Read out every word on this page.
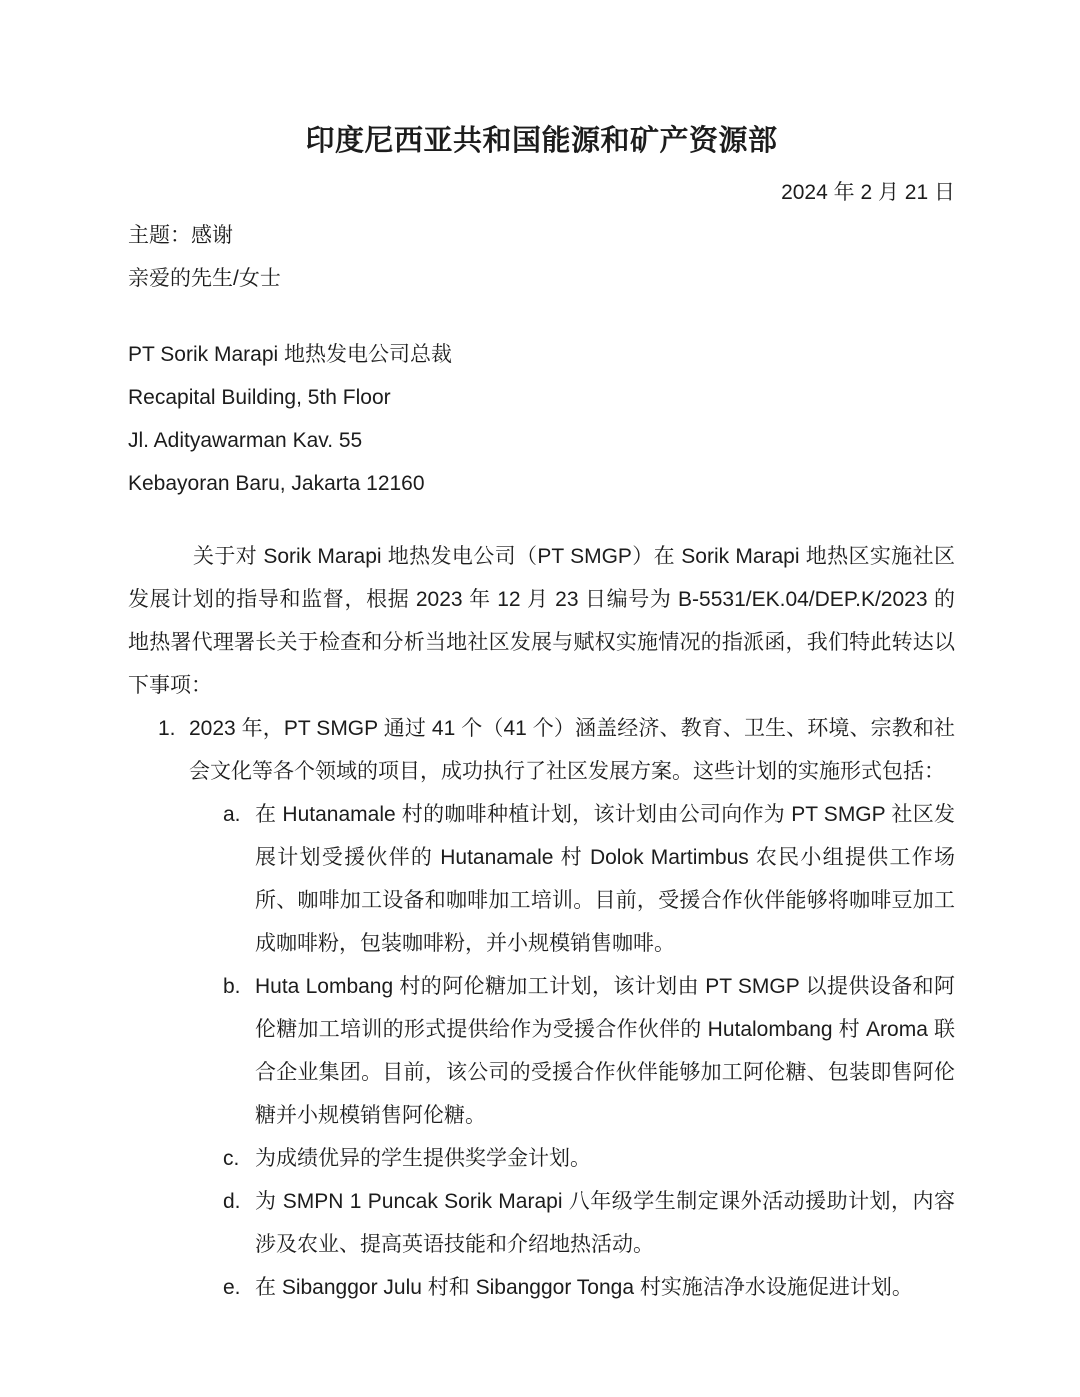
印度尼西亚共和国能源和矿产资源部
2024 年 2 月 21 日
主题：感谢
亲爱的先生/女士
PT Sorik Marapi 地热发电公司总裁
Recapital Building, 5th Floor
Jl. Adityawarman Kav. 55
Kebayoran Baru, Jakarta 12160
关于对 Sorik Marapi 地热发电公司（PT SMGP）在 Sorik Marapi 地热区实施社区发展计划的指导和监督，根据 2023 年 12 月 23 日编号为 B-5531/EK.04/DEP.K/2023 的地热署代理署长关于检查和分析当地社区发展与赋权实施情况的指派函，我们特此转达以下事项：
1. 2023 年，PT SMGP 通过 41 个（41 个）涵盖经济、教育、卫生、环境、宗教和社会文化等各个领域的项目，成功执行了社区发展方案。这些计划的实施形式包括：
a. 在 Hutanamale 村的咖啡种植计划，该计划由公司向作为 PT SMGP 社区发展计划受援伙伴的 Hutanamale 村 Dolok Martimbus 农民小组提供工作场所、咖啡加工设备和咖啡加工培训。目前，受援合作伙伴能够将咖啡豆加工成咖啡粉，包装咖啡粉，并小规模销售咖啡。
b. Huta Lombang 村的阿伦糖加工计划，该计划由 PT SMGP 以提供设备和阿伦糖加工培训的形式提供给作为受援合作伙伴的 Hutalombang 村 Aroma 联合企业集团。目前，该公司的受援合作伙伴能够加工阿伦糖、包装即售阿伦糖并小规模销售阿伦糖。
c. 为成绩优异的学生提供奖学金计划。
d. 为 SMPN 1 Puncak Sorik Marapi 八年级学生制定课外活动援助计划，内容涉及农业、提高英语技能和介绍地热活动。
e. 在 Sibanggor Julu 村和 Sibanggor Tonga 村实施洁净水设施促进计划。
